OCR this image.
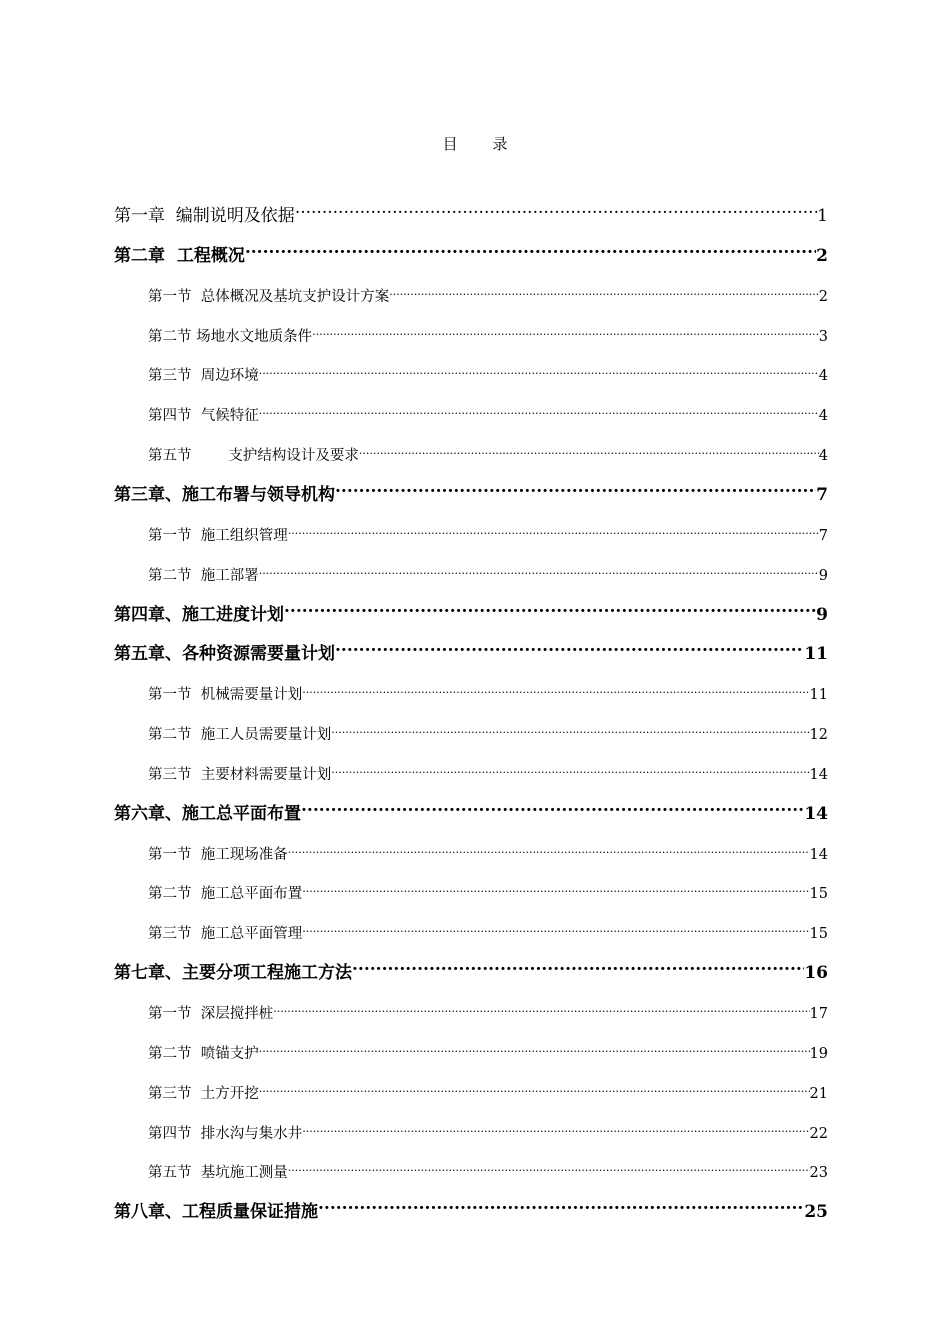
目 录
第一章  编制说明及依据 .....	1
第二章  工程概况 .....	2
第一节  总体概况及基坑支护设计方案 .....	2
第二节 场地水文地质条件 .....	3
第三节  周边环境 .....	4
第四节  气候特征 .....	4
第五节        支护结构设计及要求 .....	4
第三章、施工布署与领导机构 .....	7
第一节  施工组织管理 .....	7
第二节  施工部署 .....	9
第四章、施工进度计划 .....	9
第五章、各种资源需要量计划 .....	11
第一节  机械需要量计划 .....	11
第二节  施工人员需要量计划 .....	12
第三节  主要材料需要量计划 .....	14
第六章、施工总平面布置 .....	14
第一节  施工现场准备 .....	14
第二节  施工总平面布置 .....	15
第三节  施工总平面管理 .....	15
第七章、主要分项工程施工方法 .....	16
第一节  深层搅拌桩 .....	17
第二节  喷锚支护 .....	19
第三节  土方开挖 .....	21
第四节  排水沟与集水井 .....	22
第五节  基坑施工测量 .....	23
第八章、工程质量保证措施 .....	25
